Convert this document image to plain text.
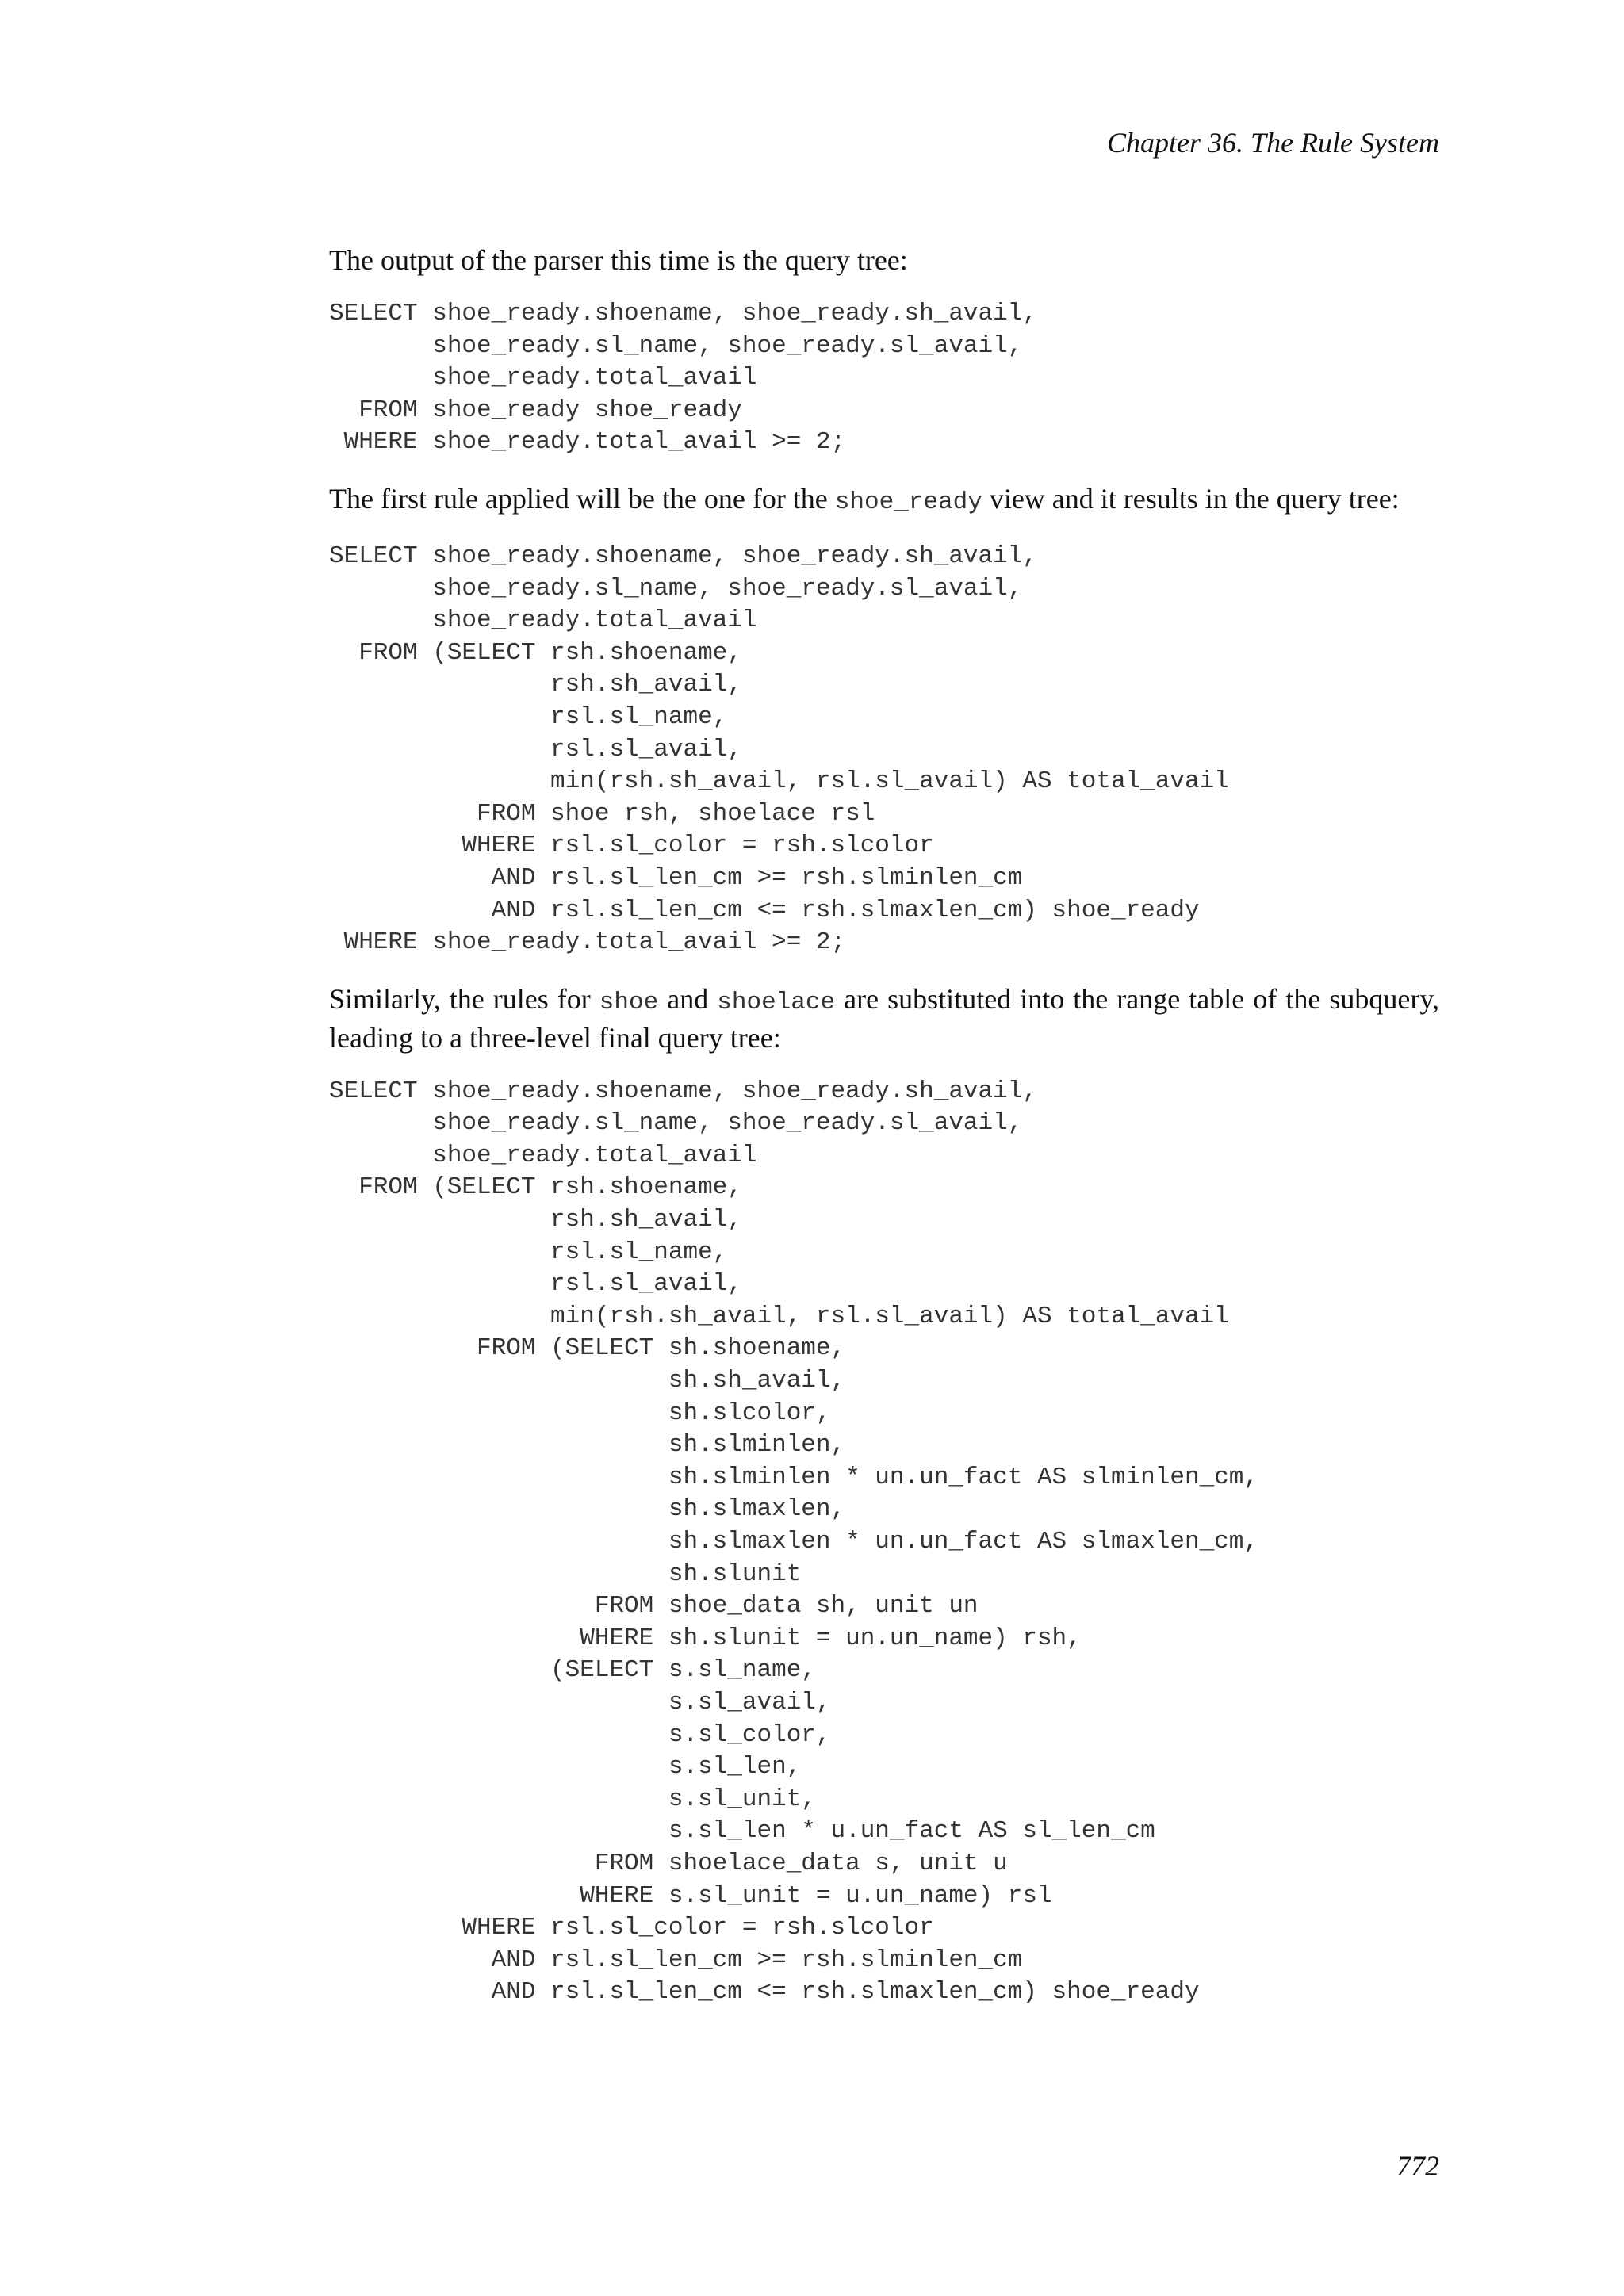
Chapter 36. The Rule System

The output of the parser this time is the query tree:

SELECT shoe_ready.shoename, shoe_ready.sh_avail,
shoe_ready.sl_name, shoe_ready.sl_avail,
shoe_ready.total_avail
FROM shoe_ready shoe_ready
WHERE shoe_ready.total_avail >= 2;

The first rule applied will be the one for the shoe_ready view and it results in the query tree:

SELECT shoe_ready.shoename, shoe_ready.sh_avail,
shoe_ready.sl_name, shoe_ready.sl_avail,
shoe_ready.total_avail
FROM (SELECT rsh.shoename,
rsh.sh_avail,
rsl.sl_name,
rsl.sl_avail,
min(rsh.sh_avail, rsl.sl_avail) AS total_avail
FROM shoe rsh, shoelace rsl
WHERE rsl.sl_color = rsh.slcolor
AND rsl.sl_len_cm >= rsh.slminlen_cm
AND rsl.sl_len_cm <= rsh.slmaxlen_cm) shoe_ready
WHERE shoe_ready.total_avail >= 2;

Similarly, the rules for shoe and shoelace are substituted into the range table of the subquery, leading to a three-level final query tree:

SELECT shoe_ready.shoename, shoe_ready.sh_avail,
shoe_ready.sl_name, shoe_ready.sl_avail,
shoe_ready.total_avail
FROM (SELECT rsh.shoename,
rsh.sh_avail,
rsl.sl_name,
rsl.sl_avail,
min(rsh.sh_avail, rsl.sl_avail) AS total_avail
FROM (SELECT sh.shoename,
sh.sh_avail,
sh.slcolor,
sh.slminlen,
sh.slminlen * un.un_fact AS slminlen_cm,
sh.slmaxlen,
sh.slmaxlen * un.un_fact AS slmaxlen_cm,
sh.slunit
FROM shoe_data sh, unit un
WHERE sh.slunit = un.un_name) rsh,
(SELECT s.sl_name,
s.sl_avail,
s.sl_color,
s.sl_len,
s.sl_unit,
s.sl_len * u.un_fact AS sl_len_cm
FROM shoelace_data s, unit u
WHERE s.sl_unit = u.un_name) rsl
WHERE rsl.sl_color = rsh.slcolor
AND rsl.sl_len_cm >= rsh.slminlen_cm
AND rsl.sl_len_cm <= rsh.slmaxlen_cm) shoe_ready

772
